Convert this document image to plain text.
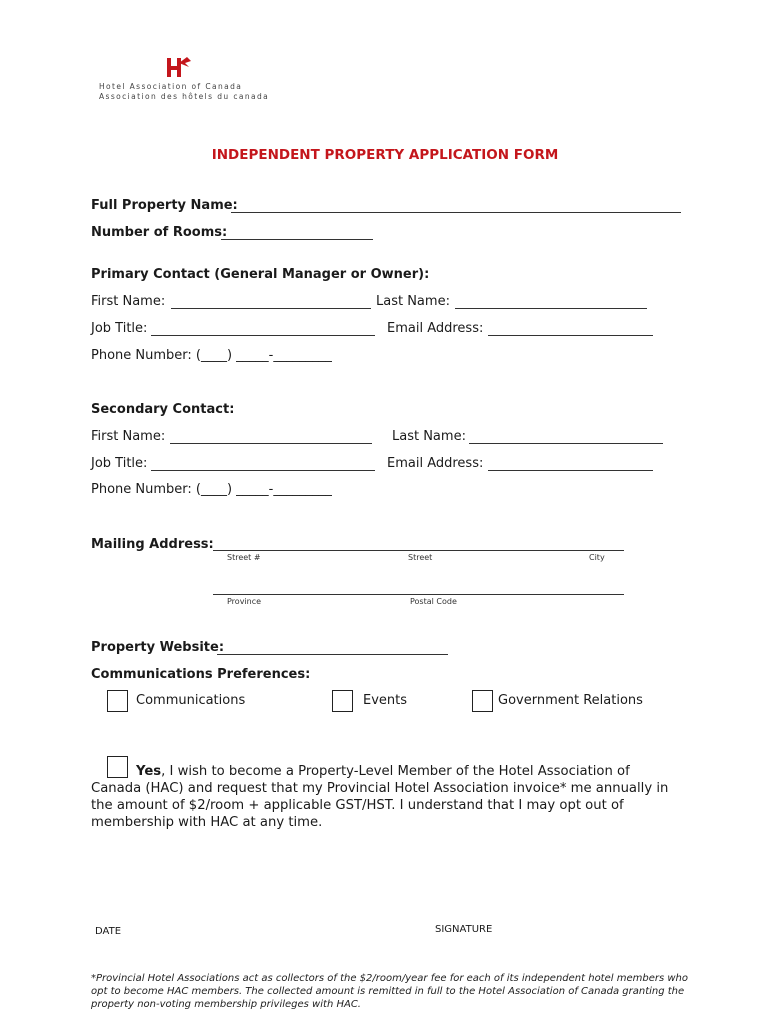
Hotel Association of Canada
Association des hôtels du canada
INDEPENDENT PROPERTY APPLICATION FORM
Full Property Name:
Number of Rooms:
Primary Contact (General Manager or Owner):
First Name:	Last Name:
Job Title:	Email Address:
Phone Number: (____) _____-_________
Secondary Contact:
First Name:	Last Name:
Job Title:	Email Address:
Phone Number: (____) _____-_________
Mailing Address:
Street #	Street	City
Province	Postal Code
Property Website:
Communications Preferences:
Communications	Events	Government Relations
Yes, I wish to become a Property-Level Member of the Hotel Association of Canada (HAC) and request that my Provincial Hotel Association invoice* me annually in the amount of $2/room + applicable GST/HST. I understand that I may opt out of membership with HAC at any time.
DATE	SIGNATURE
*Provincial Hotel Associations act as collectors of the $2/room/year fee for each of its independent hotel members who opt to become HAC members. The collected amount is remitted in full to the Hotel Association of Canada granting the property non-voting membership privileges with HAC.
